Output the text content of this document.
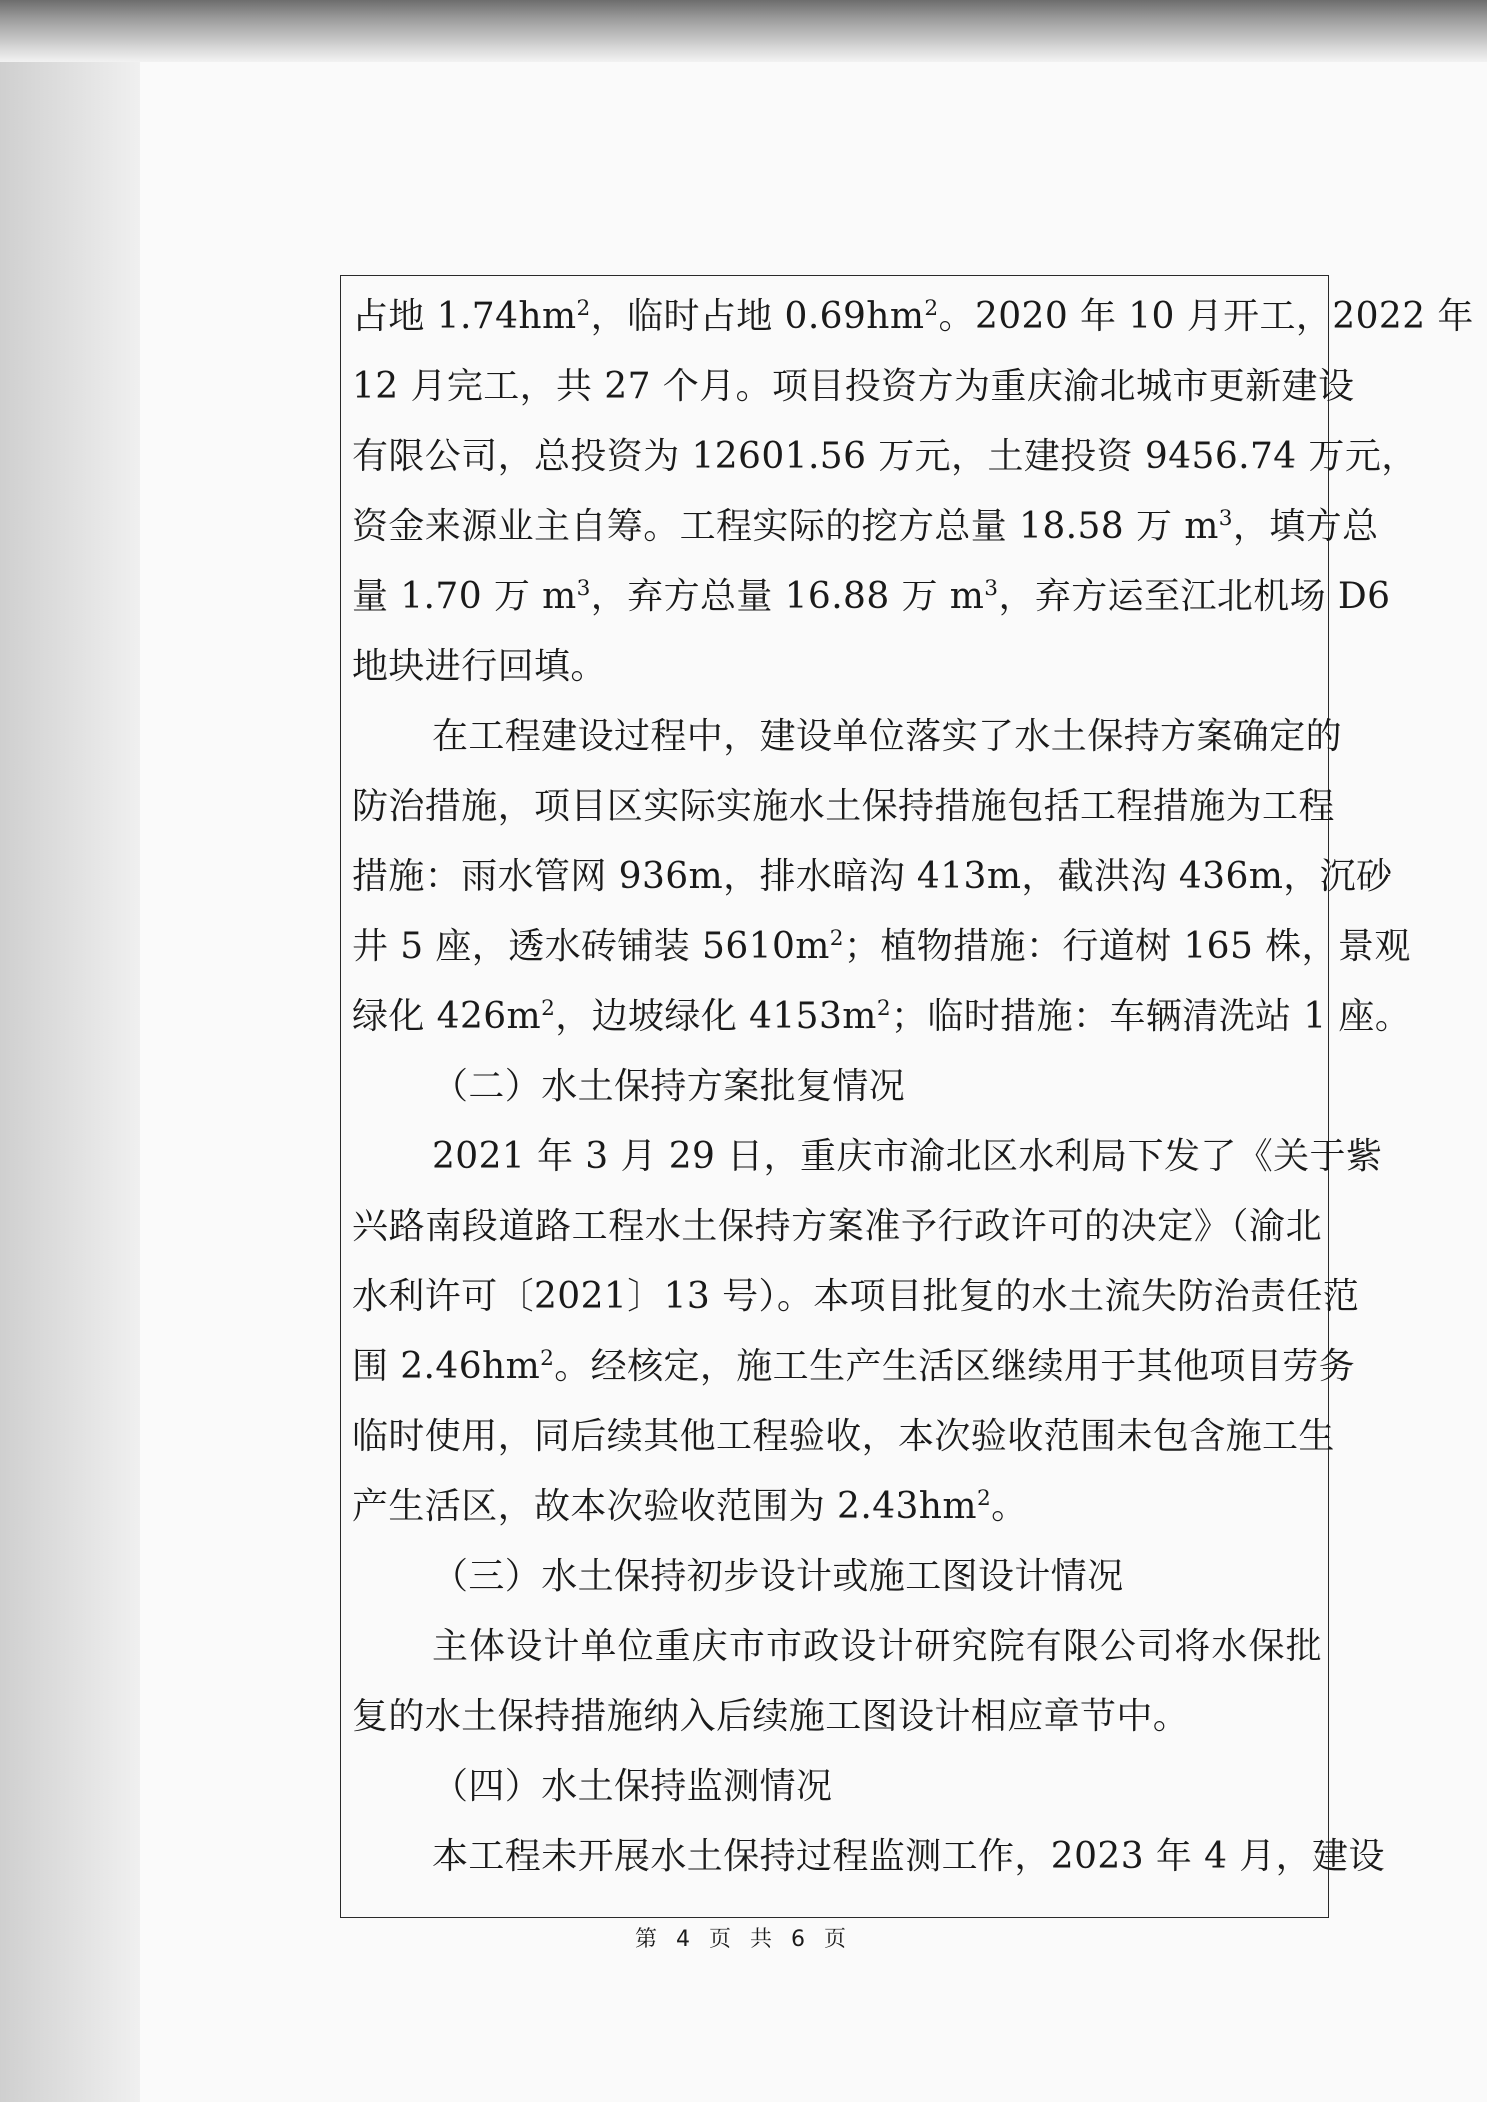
占地 $1.74hm^2$，临时占地 $0.69hm^2$。2020 年 10 月开工，2022 年
12 月完工，共 27 个月。项目投资方为重庆渝北城市更新建设
有限公司，总投资为 12601.56 万元，土建投资 9456.74 万元，
资金来源业主自筹。工程实际的挖方总量 18.58 万 $m^3$，填方总
量 1.70 万 $m^3$，弃方总量 16.88 万 $m^3$，弃方运至江北机场 D6
地块进行回填。
在工程建设过程中，建设单位落实了水土保持方案确定的
防治措施，项目区实际实施水土保持措施包括工程措施为工程
措施：雨水管网 936m，排水暗沟 413m，截洪沟 436m，沉砂
井 5 座，透水砖铺装 $5610m^2$；植物措施：行道树 165 株，景观
绿化 $426m^2$，边坡绿化 $4153m^2$；临时措施：车辆清洗站 1 座。
（二）水土保持方案批复情况
2021 年 3 月 29 日，重庆市渝北区水利局下发了《关于紫
兴路南段道路工程水土保持方案准予行政许可的决定》（渝北
水利许可〔2021〕13 号）。本项目批复的水土流失防治责任范
围 $2.46hm^2$。经核定，施工生产生活区继续用于其他项目劳务
临时使用，同后续其他工程验收，本次验收范围未包含施工生
产生活区，故本次验收范围为 $2.43hm^2$。
（三）水土保持初步设计或施工图设计情况
主体设计单位重庆市市政设计研究院有限公司将水保批
复的水土保持措施纳入后续施工图设计相应章节中。
（四）水土保持监测情况
本工程未开展水土保持过程监测工作，2023 年 4 月，建设
第 4 页 共 6 页
